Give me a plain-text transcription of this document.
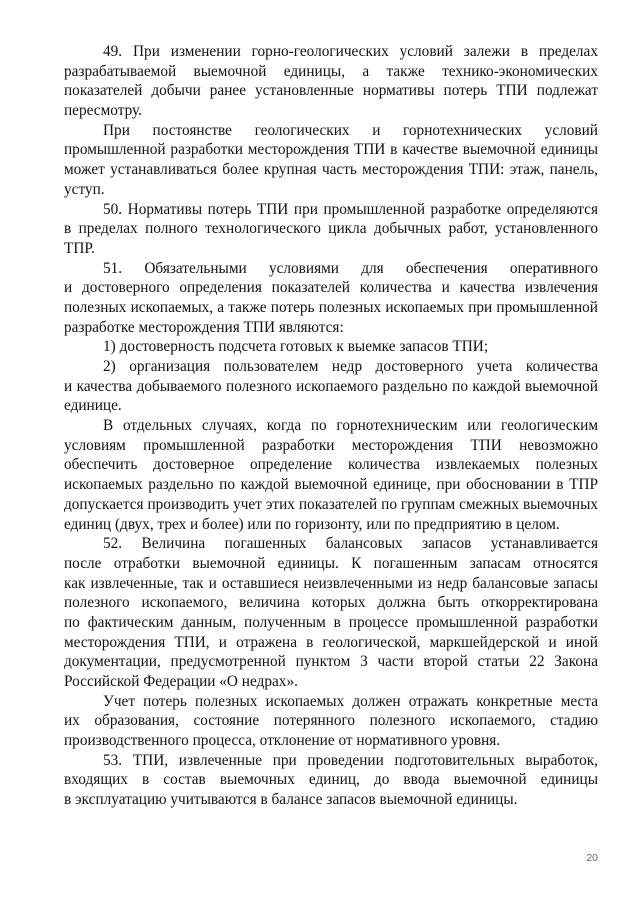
49. При изменении горно-геологических условий залежи в пределах
разрабатываемой выемочной единицы, а также технико-экономических
показателей добычи ранее установленные нормативы потерь ТПИ подлежат
пересмотру.
При постоянстве геологических и горнотехнических условий
промышленной разработки месторождения ТПИ в качестве выемочной единицы
может устанавливаться более крупная часть месторождения ТПИ: этаж, панель,
уступ.
50. Нормативы потерь ТПИ при промышленной разработке определяются
в пределах полного технологического цикла добычных работ, установленного
ТПР.
51. Обязательными условиями для обеспечения оперативного
и достоверного определения показателей количества и качества извлечения
полезных ископаемых, а также потерь полезных ископаемых при промышленной
разработке месторождения ТПИ являются:
1) достоверность подсчета готовых к выемке запасов ТПИ;
2) организация пользователем недр достоверного учета количества
и качества добываемого полезного ископаемого раздельно по каждой выемочной
единице.
В отдельных случаях, когда по горнотехническим или геологическим
условиям промышленной разработки месторождения ТПИ невозможно
обеспечить достоверное определение количества извлекаемых полезных
ископаемых раздельно по каждой выемочной единице, при обосновании в ТПР
допускается производить учет этих показателей по группам смежных выемочных
единиц (двух, трех и более) или по горизонту, или по предприятию в целом.
52. Величина погашенных балансовых запасов устанавливается
после отработки выемочной единицы. К погашенным запасам относятся
как извлеченные, так и оставшиеся неизвлеченными из недр балансовые запасы
полезного ископаемого, величина которых должна быть откорректирована
по фактическим данным, полученным в процессе промышленной разработки
месторождения ТПИ, и отражена в геологической, маркшейдерской и иной
документации, предусмотренной пунктом 3 части второй статьи 22 Закона
Российской Федерации «О недрах».
Учет потерь полезных ископаемых должен отражать конкретные места
их образования, состояние потерянного полезного ископаемого, стадию
производственного процесса, отклонение от нормативного уровня.
53. ТПИ, извлеченные при проведении подготовительных выработок,
входящих в состав выемочных единиц, до ввода выемочной единицы
в эксплуатацию учитываются в балансе запасов выемочной единицы.
20
